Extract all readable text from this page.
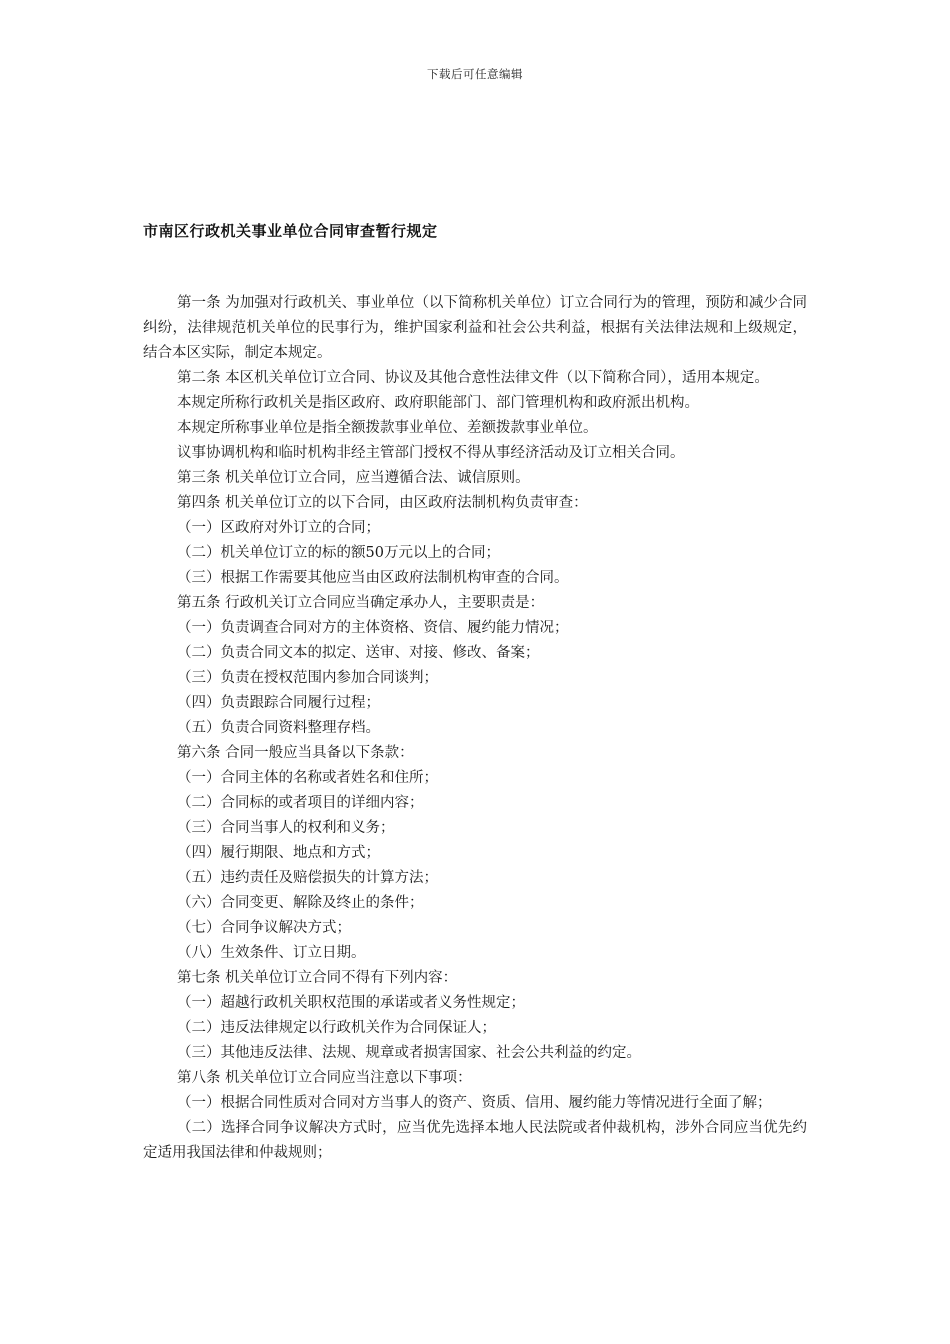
下载后可任意编辑
市南区行政机关事业单位合同审查暂行规定

第一条 为加强对行政机关、事业单位（以下简称机关单位）订立合同行为的管理，预防和减少合同纠纷，法律规范机关单位的民事行为，维护国家利益和社会公共利益，根据有关法律法规和上级规定，结合本区实际，制定本规定。

第二条 本区机关单位订立合同、协议及其他合意性法律文件（以下简称合同），适用本规定。

本规定所称行政机关是指区政府、政府职能部门、部门管理机构和政府派出机构。

本规定所称事业单位是指全额拨款事业单位、差额拨款事业单位。

议事协调机构和临时机构非经主管部门授权不得从事经济活动及订立相关合同。

第三条 机关单位订立合同，应当遵循合法、诚信原则。

第四条 机关单位订立的以下合同，由区政府法制机构负责审查：

（一）区政府对外订立的合同；

（二）机关单位订立的标的额50万元以上的合同；

（三）根据工作需要其他应当由区政府法制机构审查的合同。

第五条 行政机关订立合同应当确定承办人，主要职责是：

（一）负责调查合同对方的主体资格、资信、履约能力情况；

（二）负责合同文本的拟定、送审、对接、修改、备案；

（三）负责在授权范围内参加合同谈判；

（四）负责跟踪合同履行过程；

（五）负责合同资料整理存档。

第六条 合同一般应当具备以下条款：

（一）合同主体的名称或者姓名和住所；

（二）合同标的或者项目的详细内容；

（三）合同当事人的权利和义务；

（四）履行期限、地点和方式；

（五）违约责任及赔偿损失的计算方法；

（六）合同变更、解除及终止的条件；

（七）合同争议解决方式；

（八）生效条件、订立日期。

第七条 机关单位订立合同不得有下列内容：

（一）超越行政机关职权范围的承诺或者义务性规定；

（二）违反法律规定以行政机关作为合同保证人；

（三）其他违反法律、法规、规章或者损害国家、社会公共利益的约定。

第八条 机关单位订立合同应当注意以下事项：

（一）根据合同性质对合同对方当事人的资产、资质、信用、履约能力等情况进行全面了解；

（二）选择合同争议解决方式时，应当优先选择本地人民法院或者仲裁机构，涉外合同应当优先约定适用我国法律和仲裁规则；
